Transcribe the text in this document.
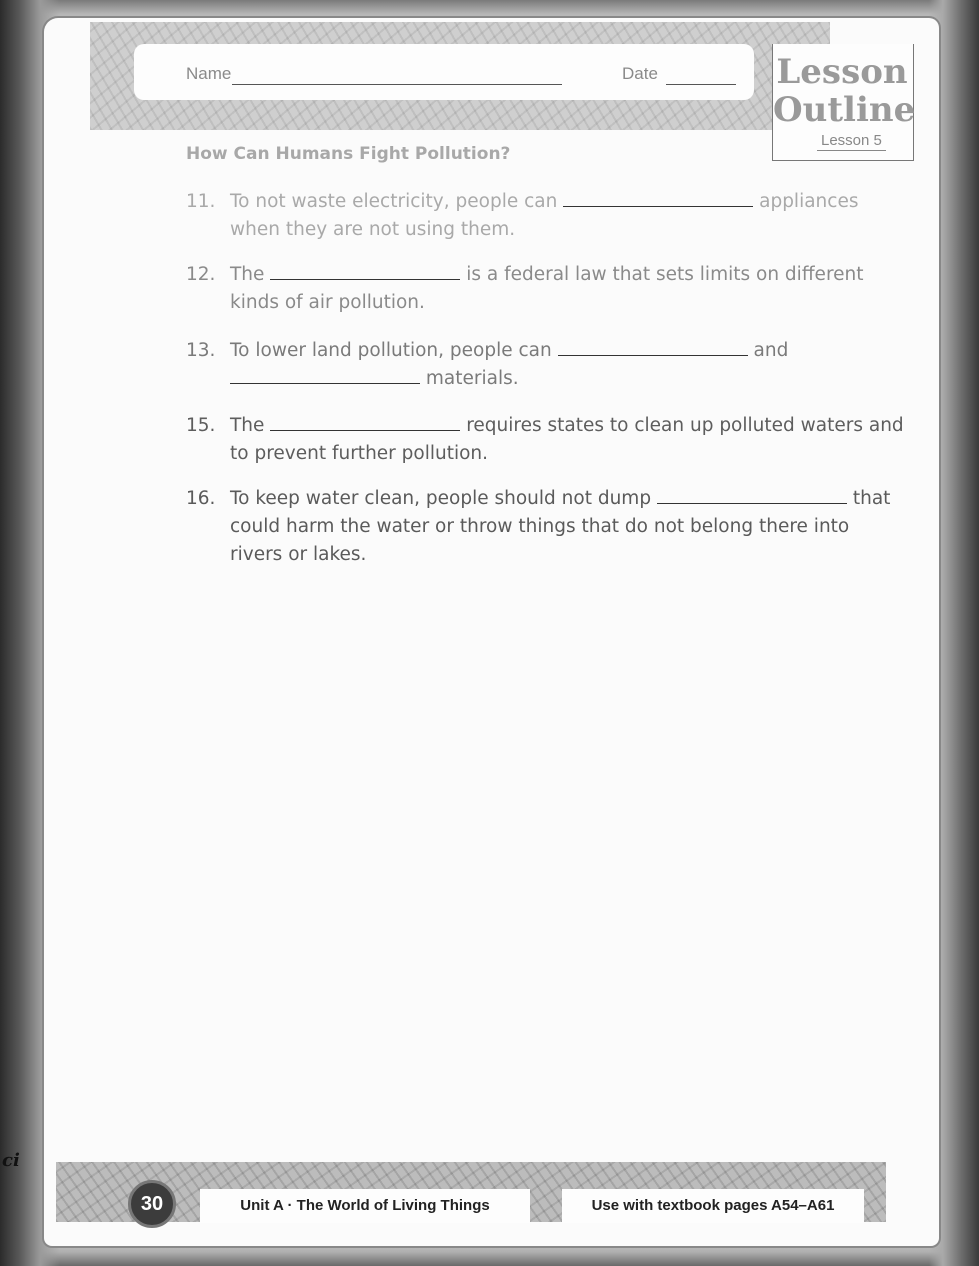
ci
Name	Date	Lesson
Outline
Lesson 5
How Can Humans Fight Pollution?
11. To not waste electricity, people can	appliances when they are not using them.
12. The	is a federal law that sets limits on different kinds of air pollution.
13. To lower land pollution, people can	and
materials.
15. The	requires states to clean up polluted waters and to prevent further pollution.
16. To keep water clean, people should not dump	that could harm the water or throw things that do not belong there into rivers or lakes.
30	Unit A · The World of Living Things	Use with textbook pages A54–A61
